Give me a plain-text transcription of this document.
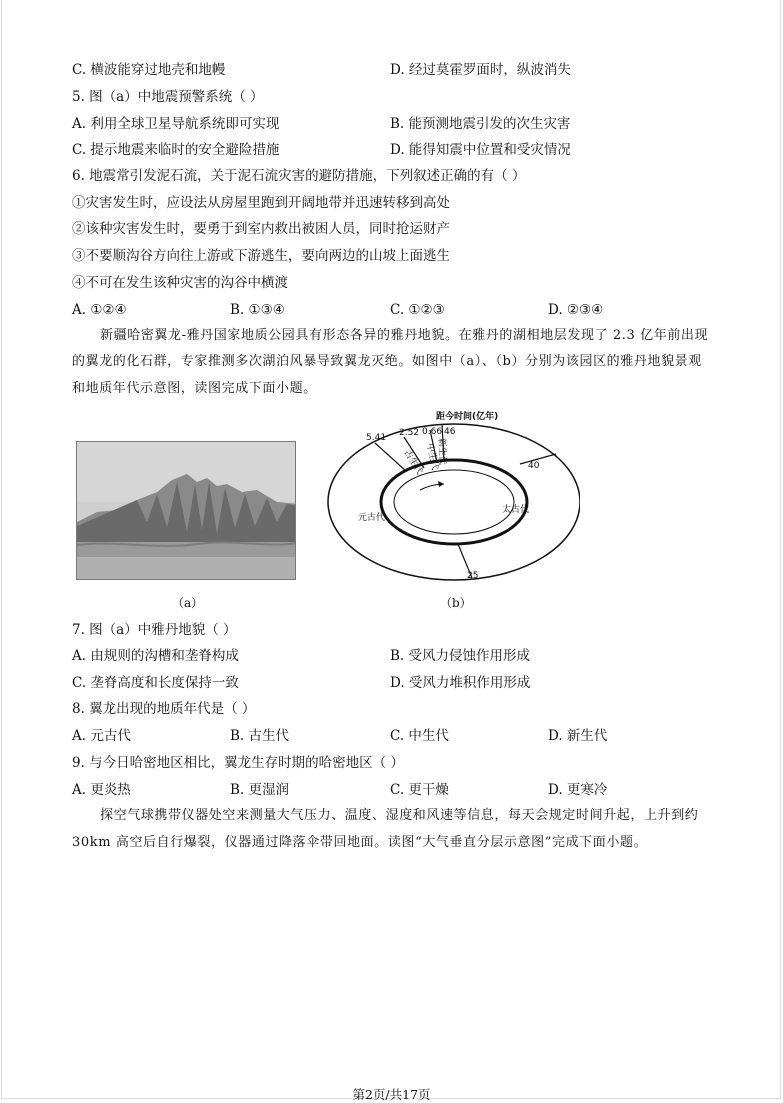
C. 横波能穿过地壳和地幔	D. 经过莫霍罗面时，纵波消失
5. 图（a）中地震预警系统（ ）
A. 利用全球卫星导航系统即可实现	B. 能预测地震引发的次生灾害
C. 提示地震来临时的安全避险措施	D. 能得知震中位置和受灾情况
6. 地震常引发泥石流，关于泥石流灾害的避防措施，下列叙述正确的有（ ）
①灾害发生时，应设法从房屋里跑到开阔地带并迅速转移到高处
②该种灾害发生时，要勇于到室内救出被困人员，同时抢运财产
③不要顺沟谷方向往上游或下游逃生，要向两边的山坡上面逃生
④不可在发生该种灾害的沟谷中横渡
A. ①②④	B. ①③④	C. ①②③	D. ②③④
新疆哈密翼龙-雅丹国家地质公园具有形态各异的雅丹地貌。在雅丹的湖相地层发现了 2.3 亿年前出现
的翼龙的化石群，专家推测多次湖泊风暴导致翼龙灭绝。如图中（a）、（b）分别为该园区的雅丹地貌景观
和地质年代示意图，读图完成下面小题。
（a）
距今时间(亿年)
5.41 2.52 0.66 46
40
25
古生代 中生代
新生代
太古代
元古代
（b）
7. 图（a）中雅丹地貌（ ）
A. 由规则的沟槽和垄脊构成	B. 受风力侵蚀作用形成
C. 垄脊高度和长度保持一致	D. 受风力堆积作用形成
8. 翼龙出现的地质年代是（ ）
A. 元古代	B. 古生代	C. 中生代	D. 新生代
9. 与今日哈密地区相比，翼龙生存时期的哈密地区（ ）
A. 更炎热	B. 更湿润	C. 更干燥	D. 更寒冷
探空气球携带仪器处空来测量大气压力、温度、湿度和风速等信息，每天会规定时间升起，上升到约
30km 高空后自行爆裂，仪器通过降落伞带回地面。读图“大气垂直分层示意图”完成下面小题。
第2页/共17页
